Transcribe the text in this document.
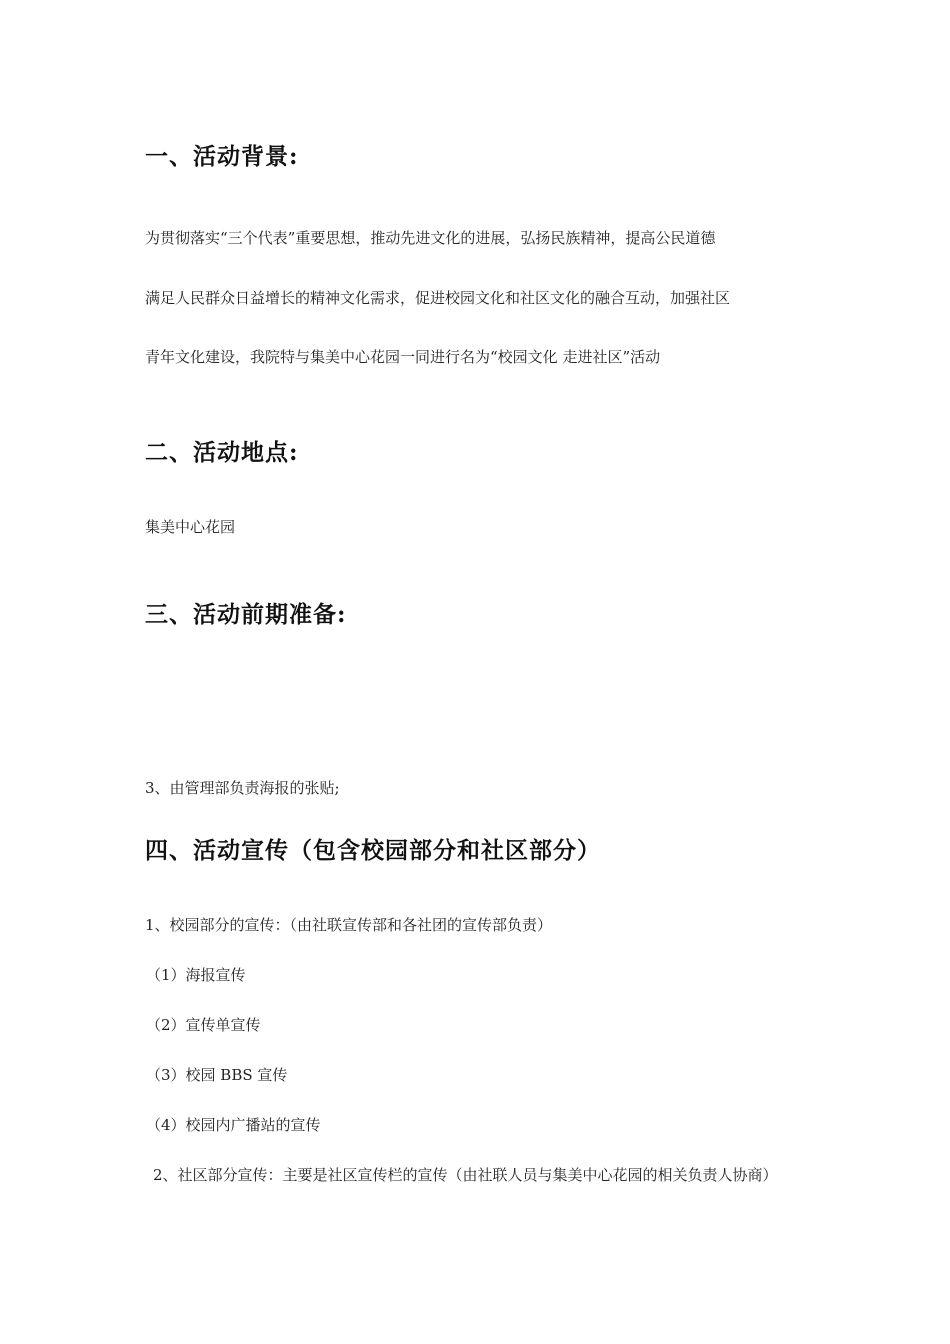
一、活动背景:

为贯彻落实“三个代表”重要思想，推动先进文化的进展，弘扬民族精神，提高公民道德

满足人民群众日益增长的精神文化需求，促进校园文化和社区文化的融合互动，加强社区

青年文化建设，我院特与集美中心花园一同进行名为“校园文化 走进社区”活动

二、活动地点:

集美中心花园

三、活动前期准备:

3、由管理部负责海报的张贴;

四、活动宣传（包含校园部分和社区部分）

1、校园部分的宣传：（由社联宣传部和各社团的宣传部负责）

（1）海报宣传

（2）宣传单宣传

（3）校园 BBS 宣传

（4）校园内广播站的宣传

2、社区部分宣传：主要是社区宣传栏的宣传（由社联人员与集美中心花园的相关负责人协商）
